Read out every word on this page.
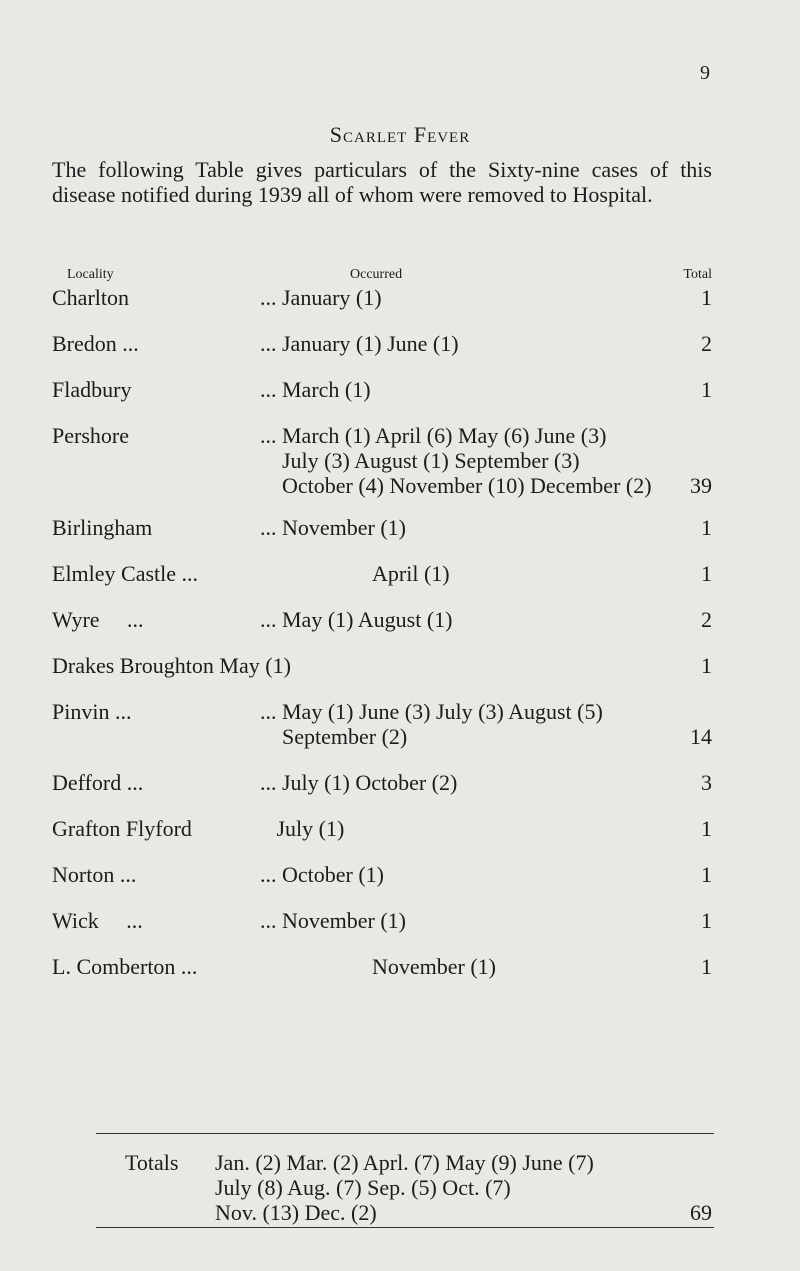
9
Scarlet Fever
The following Table gives particulars of the Sixty-nine cases of this disease notified during 1939 all of whom were removed to Hospital.
Locality	Occurred	Total
Charlton	... January (1)	1
Bredon ...	... January (1) June (1)	2
Fladbury	... March (1)	1
Pershore	... March (1) April (6) May (6) June (3)
July (3) August (1) September (3)
October (4) November (10) December (2) 39
Birlingham	... November (1)	1
Elmley Castle ...	April (1)	1
Wyre     ...	... May (1) August (1)	2
Drakes Broughton May (1)	1
Pinvin ...	... May (1) June (3) July (3) August (5)
September (2)	14
Defford ...	... July (1) October (2)	3
Grafton Flyford	July (1)	1
Norton ...	... October (1)	1
Wick     ...	... November (1)	1
L. Comberton ...	November (1)	1
Totals Jan. (2) Mar. (2) Aprl. (7) May (9) June (7)
July (8) Aug. (7) Sep. (5) Oct. (7)
Nov. (13) Dec. (2)	69
